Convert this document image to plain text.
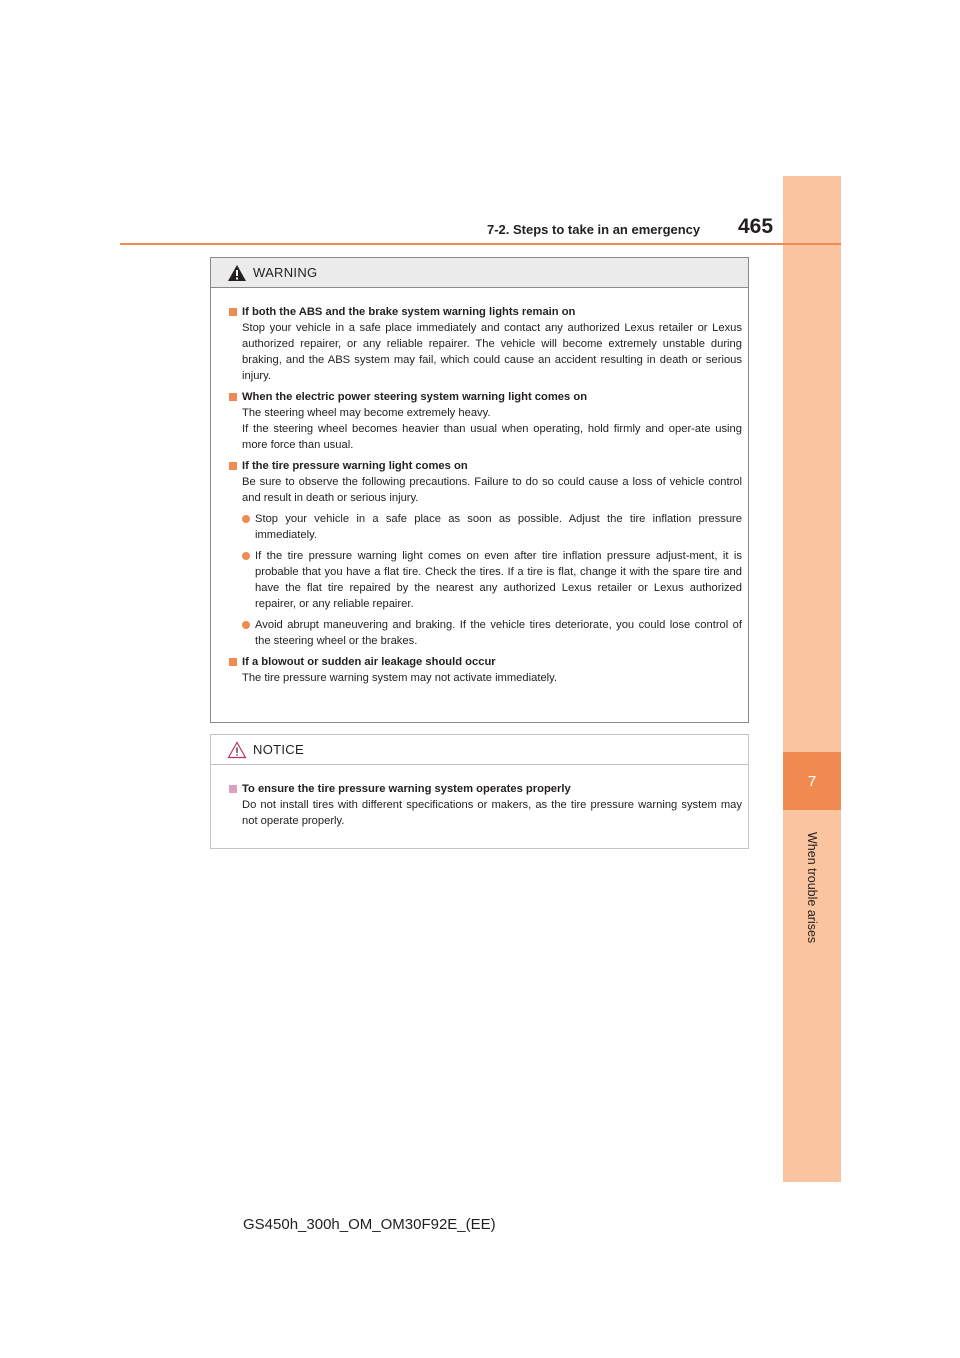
7
When trouble arises
7-2. Steps to take in an emergency 465
WARNING
If both the ABS and the brake system warning lights remain on
Stop your vehicle in a safe place immediately and contact any authorized Lexus retailer or Lexus authorized repairer, or any reliable repairer. The vehicle will become extremely unstable during braking, and the ABS system may fail, which could cause an accident resulting in death or serious injury.
When the electric power steering system warning light comes on
The steering wheel may become extremely heavy.
If the steering wheel becomes heavier than usual when operating, hold firmly and oper-ate using more force than usual.
If the tire pressure warning light comes on
Be sure to observe the following precautions. Failure to do so could cause a loss of vehicle control and result in death or serious injury.
Stop your vehicle in a safe place as soon as possible. Adjust the tire inflation pressure immediately.
If the tire pressure warning light comes on even after tire inflation pressure adjust-ment, it is probable that you have a flat tire. Check the tires. If a tire is flat, change it with the spare tire and have the flat tire repaired by the nearest any authorized Lexus retailer or Lexus authorized repairer, or any reliable repairer.
Avoid abrupt maneuvering and braking. If the vehicle tires deteriorate, you could lose control of the steering wheel or the brakes.
If a blowout or sudden air leakage should occur
The tire pressure warning system may not activate immediately.
NOTICE
To ensure the tire pressure warning system operates properly
Do not install tires with different specifications or makers, as the tire pressure warning system may not operate properly.
GS450h_300h_OM_OM30F92E_(EE)
